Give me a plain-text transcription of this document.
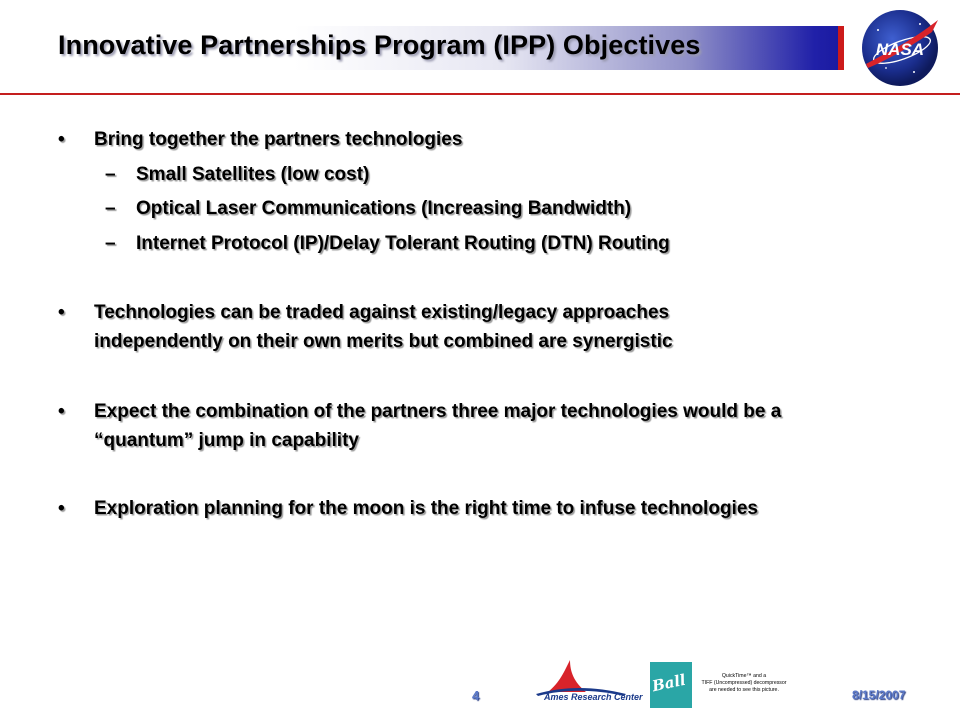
Innovative Partnerships Program (IPP) Objectives	NASA
• Bring together the partners technologies
– Small Satellites (low cost)
– Optical Laser Communications (Increasing Bandwidth)
– Internet Protocol (IP)/Delay Tolerant Routing (DTN) Routing
• Technologies can be traded against existing/legacy approaches
independently on their own merits but combined are synergistic
• Expect the combination of the partners three major technologies would be a
“quantum” jump in capability
• Exploration planning for the moon is the right time to infuse technologies
4	Ames Research Center
Ball	QuickTime™ and a
TIFF (Uncompressed) decompressor
are needed to see this picture.	8/15/2007
